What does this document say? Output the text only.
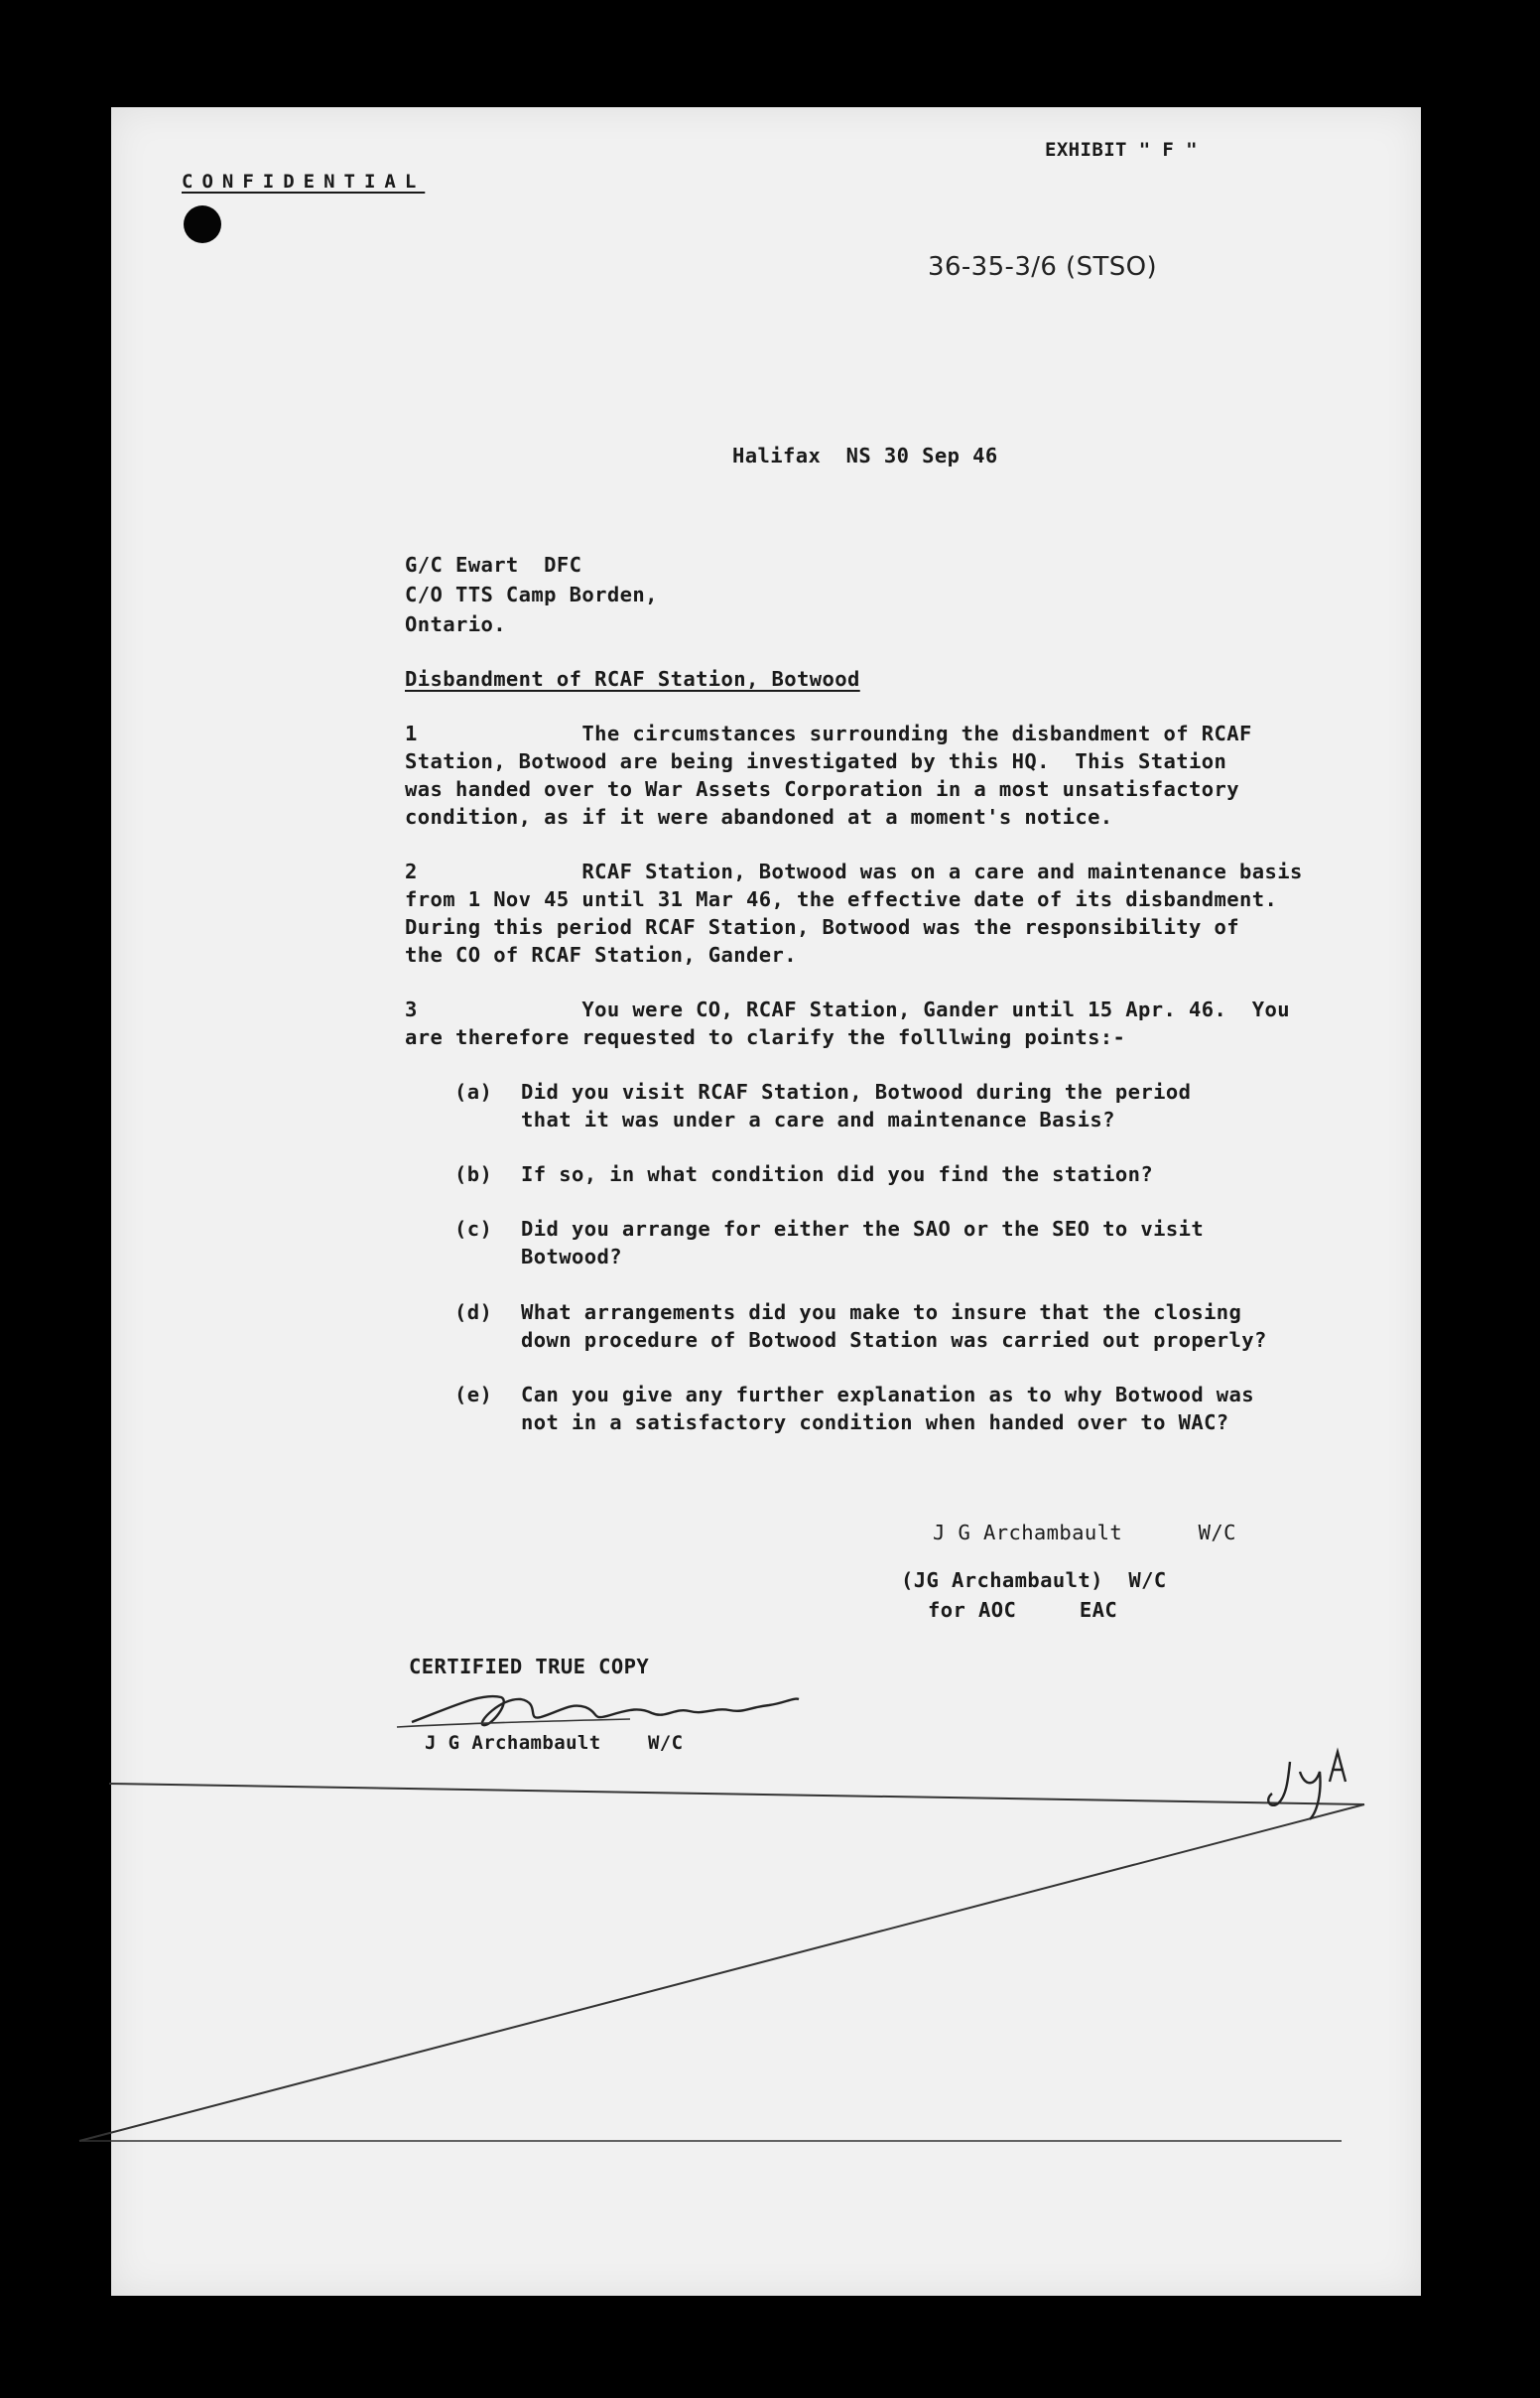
EXHIBIT " F "
CONFIDENTIAL
36-35-3/6 (STSO)
Halifax  NS 30 Sep 46
G/C Ewart  DFC
C/O TTS Camp Borden,
Ontario.
Disbandment of RCAF Station, Botwood
1             The circumstances surrounding the disbandment of RCAF
Station, Botwood are being investigated by this HQ.  This Station
was handed over to War Assets Corporation in a most unsatisfactory
condition, as if it were abandoned at a moment's notice.
2             RCAF Station, Botwood was on a care and maintenance basis
from 1 Nov 45 until 31 Mar 46, the effective date of its disbandment.
During this period RCAF Station, Botwood was the responsibility of
the CO of RCAF Station, Gander.
3             You were CO, RCAF Station, Gander until 15 Apr. 46.  You
are therefore requested to clarify the folllwing points:-
(a) Did you visit RCAF Station, Botwood during the period
that it was under a care and maintenance Basis?
(b) If so, in what condition did you find the station?
(c) Did you arrange for either the SAO or the SEO to visit
Botwood?
(d) What arrangements did you make to insure that the closing
down procedure of Botwood Station was carried out properly?
(e) Can you give any further explanation as to why Botwood was
not in a satisfactory condition when handed over to WAC?
J G Archambault      W/C
(JG Archambault)  W/C
for AOC     EAC
CERTIFIED TRUE COPY
J G Archambault    W/C
